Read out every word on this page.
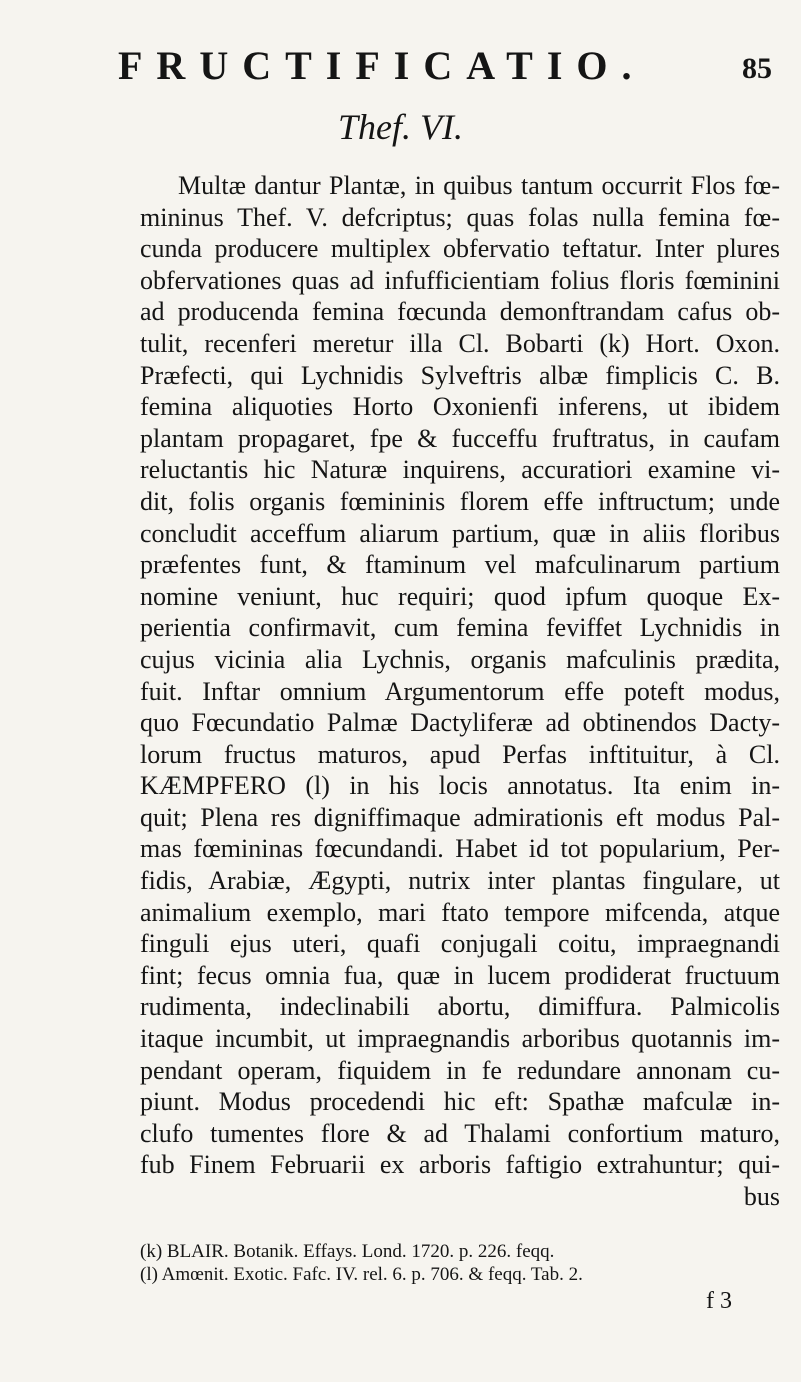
FRUCTIFICATIO.	85
Thef. VI.
Multæ dantur Plantæ, in quibus tantum occurrit Flos fœ-
mininus Thef. V. defcriptus; quas folas nulla femina fœ-
cunda producere multiplex obfervatio teftatur. Inter plures
obfervationes quas ad infufficientiam folius floris fœminini
ad producenda femina fœcunda demonftrandam cafus ob-
tulit, recenferi meretur illa Cl. Bobarti (k) Hort. Oxon.
Præfecti, qui Lychnidis Sylveftris albæ fimplicis C. B.
femina aliquoties Horto Oxonienfi inferens, ut ibidem
plantam propagaret, fpe & fucceffu fruftratus, in caufam
reluctantis hic Naturæ inquirens, accuratiori examine vi-
dit, folis organis fœmininis florem effe inftructum; unde
concludit acceffum aliarum partium, quæ in aliis floribus
præfentes funt, & ftaminum vel mafculinarum partium
nomine veniunt, huc requiri; quod ipfum quoque Ex-
perientia confirmavit, cum femina feviffet Lychnidis in
cujus vicinia alia Lychnis, organis mafculinis prædita,
fuit. Inftar omnium Argumentorum effe poteft modus,
quo Fœcundatio Palmæ Dactyliferæ ad obtinendos Dacty-
lorum fructus maturos, apud Perfas inftituitur, à Cl.
KÆMPFERO (l) in his locis annotatus. Ita enim in-
quit; Plena res digniffimaque admirationis eft modus Pal-
mas fœmininas fœcundandi. Habet id tot popularium, Per-
fidis, Arabiæ, Ægypti, nutrix inter plantas fingulare, ut
animalium exemplo, mari ftato tempore mifcenda, atque
finguli ejus uteri, quafi conjugali coitu, impraegnandi
fint; fecus omnia fua, quæ in lucem prodiderat fructuum
rudimenta, indeclinabili abortu, dimiffura. Palmicolis
itaque incumbit, ut impraegnandis arboribus quotannis im-
pendant operam, fiquidem in fe redundare annonam cu-
piunt. Modus procedendi hic eft: Spathæ mafculæ in-
clufo tumentes flore & ad Thalami confortium maturo,
fub Finem Februarii ex arboris faftigio extrahuntur; qui-
bus
(k) BLAIR. Botanik. Effays. Lond. 1720. p. 226. feqq.
(l) Amœnit. Exotic. Fafc. IV. rel. 6. p. 706. & feqq. Tab. 2.
f 3
